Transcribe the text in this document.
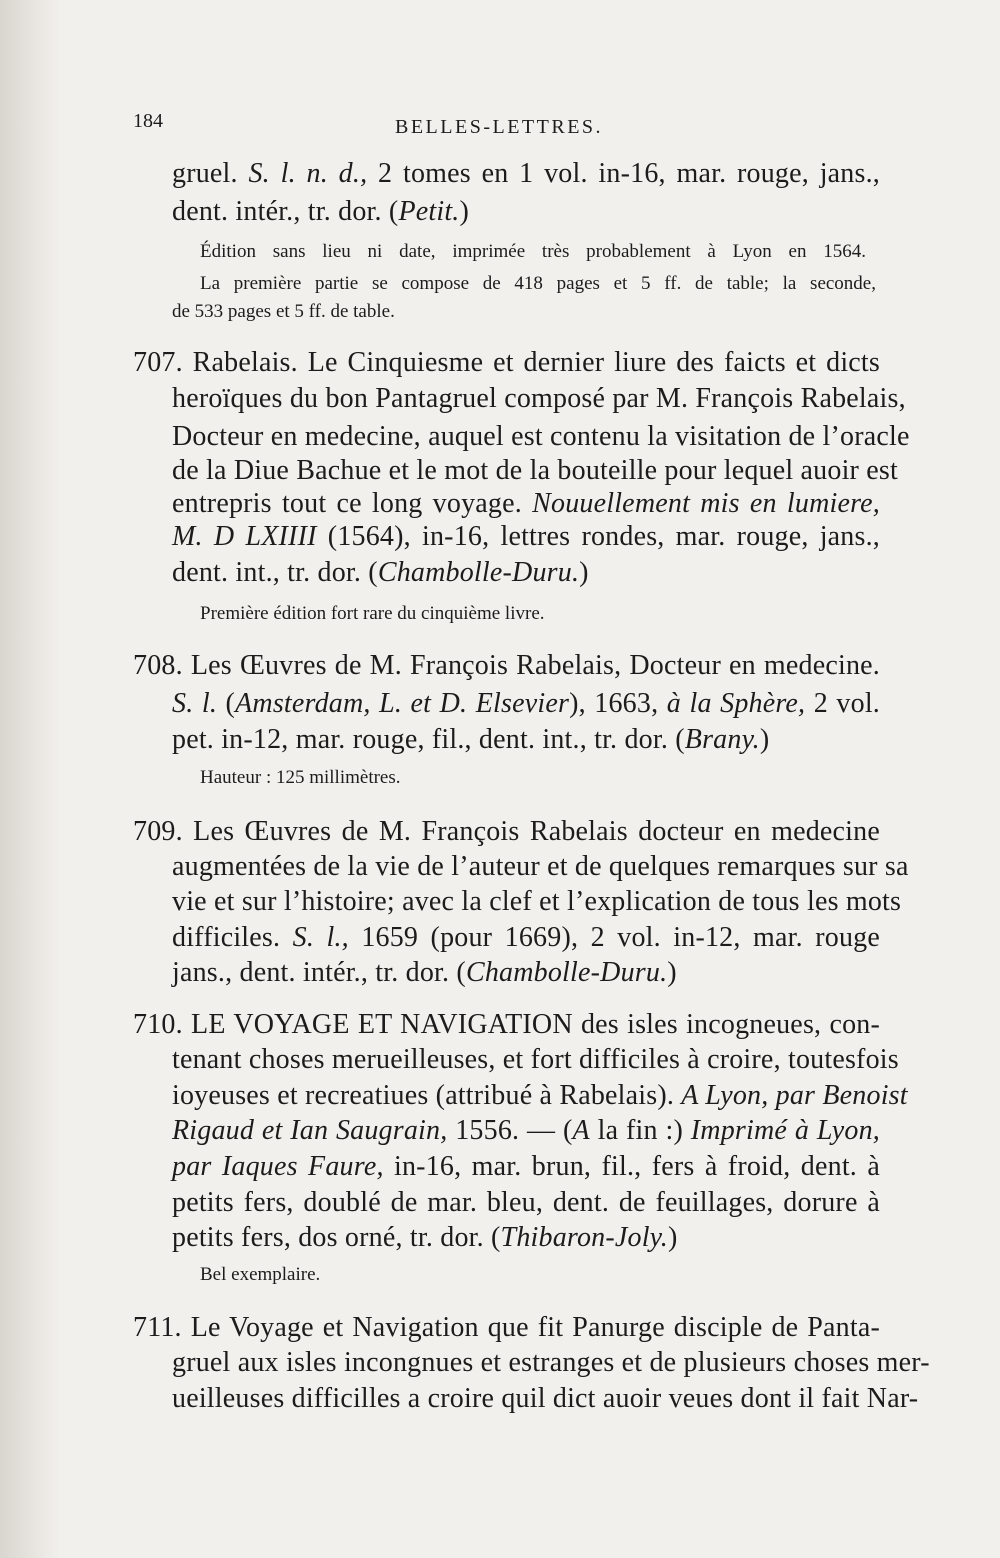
184	BELLES-LETTRES.
gruel. S. l. n. d., 2 tomes en 1 vol. in-16, mar. rouge, jans.,
dent. intér., tr. dor. (Petit.)
Édition sans lieu ni date, imprimée très probablement à Lyon en 1564.
La première partie se compose de 418 pages et 5 ff. de table; la seconde,
de 533 pages et 5 ff. de table.
707. Rabelais. Le Cinquiesme et dernier liure des faicts et dicts
heroïques du bon Pantagruel composé par M. François Rabelais,
Docteur en medecine, auquel est contenu la visitation de l’oracle
de la Diue Bachue et le mot de la bouteille pour lequel auoir est
entrepris tout ce long voyage. Nouuellement mis en lumiere,
M. D LXIIII (1564), in-16, lettres rondes, mar. rouge, jans.,
dent. int., tr. dor. (Chambolle-Duru.)
Première édition fort rare du cinquième livre.
708. Les Œuvres de M. François Rabelais, Docteur en medecine.
S. l. (Amsterdam, L. et D. Elsevier), 1663, à la Sphère, 2 vol.
pet. in-12, mar. rouge, fil., dent. int., tr. dor. (Brany.)
Hauteur : 125 millimètres.
709. Les Œuvres de M. François Rabelais docteur en medecine
augmentées de la vie de l’auteur et de quelques remarques sur sa
vie et sur l’histoire; avec la clef et l’explication de tous les mots
difficiles. S. l., 1659 (pour 1669), 2 vol. in-12, mar. rouge
jans., dent. intér., tr. dor. (Chambolle-Duru.)
710. LE VOYAGE ET NAVIGATION des isles incogneues, con-
tenant choses merueilleuses, et fort difficiles à croire, toutesfois
ioyeuses et recreatiues (attribué à Rabelais). A Lyon, par Benoist
Rigaud et Ian Saugrain, 1556. — (A la fin :) Imprimé à Lyon,
par Iaques Faure, in-16, mar. brun, fil., fers à froid, dent. à
petits fers, doublé de mar. bleu, dent. de feuillages, dorure à
petits fers, dos orné, tr. dor. (Thibaron-Joly.)
Bel exemplaire.
711. Le Voyage et Navigation que fit Panurge disciple de Panta-
gruel aux isles incongnues et estranges et de plusieurs choses mer-
ueilleuses difficilles a croire quil dict auoir veues dont il fait Nar-
